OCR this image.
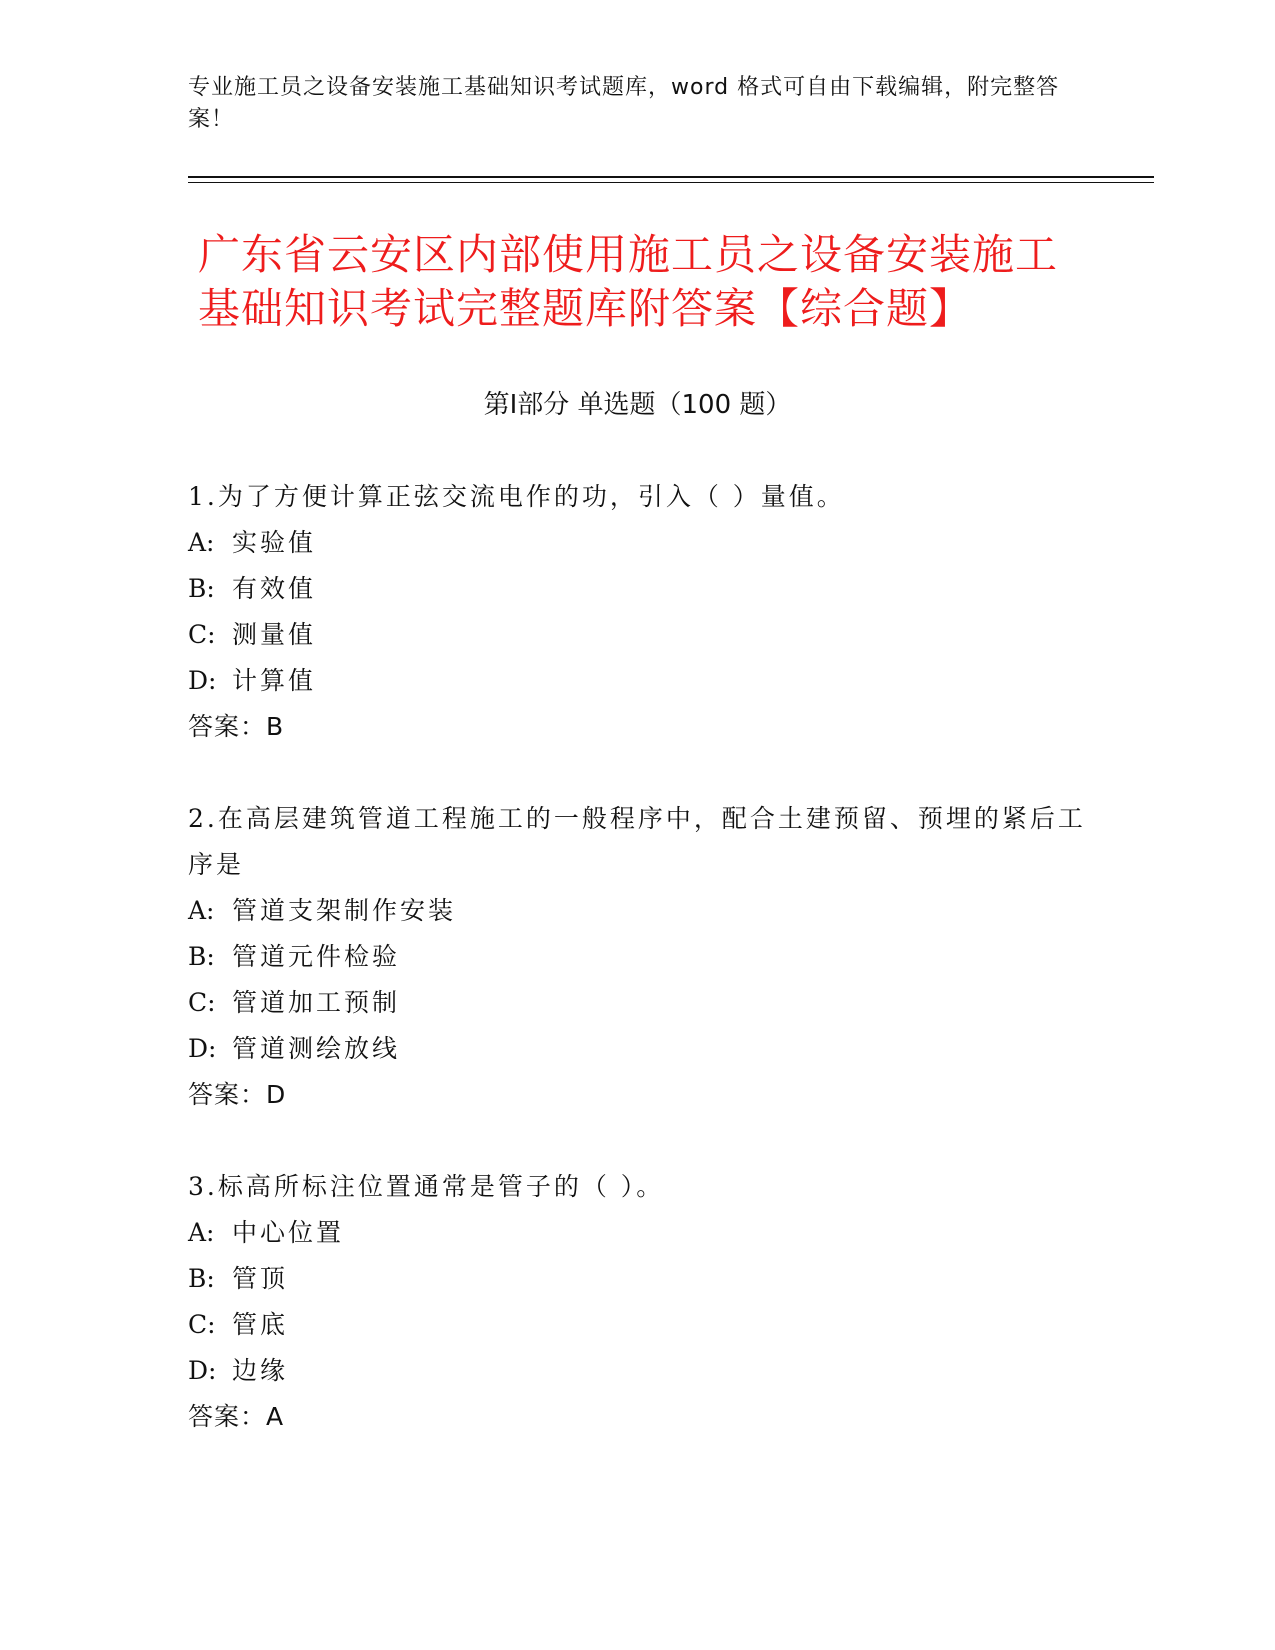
专业施工员之设备安装施工基础知识考试题库，word 格式可自由下载编辑，附完整答案！
广东省云安区内部使用施工员之设备安装施工基础知识考试完整题库附答案【综合题】
第Ⅰ部分 单选题（100 题）
1.为了方便计算正弦交流电作的功，引入（ ）量值。
A: 实验值
B: 有效值
C: 测量值
D: 计算值
答案：B
2.在高层建筑管道工程施工的一般程序中，配合土建预留、预埋的紧后工序是
A: 管道支架制作安装
B: 管道元件检验
C: 管道加工预制
D: 管道测绘放线
答案：D
3.标高所标注位置通常是管子的（ ）。
A: 中心位置
B: 管顶
C: 管底
D: 边缘
答案：A
